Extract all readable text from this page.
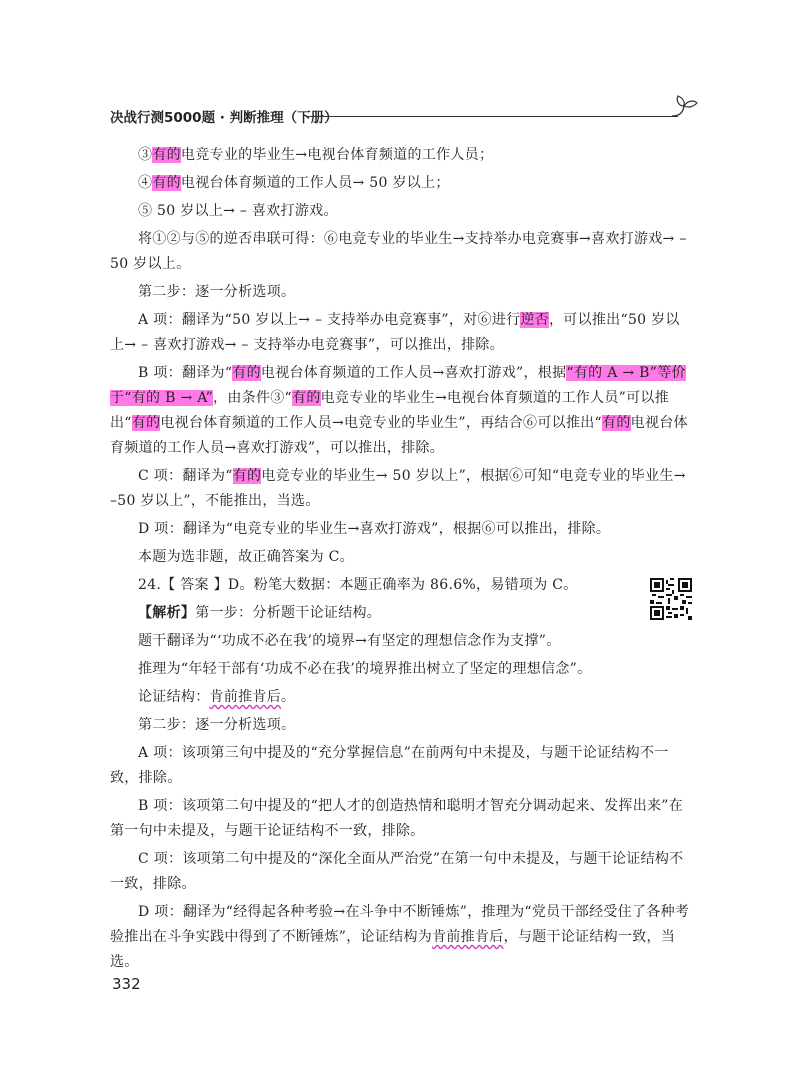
决战行测5000题 · 判断推理（下册）

③有的电竞专业的毕业生→电视台体育频道的工作人员；

④有的电视台体育频道的工作人员→ 50 岁以上；

⑤ 50 岁以上→ – 喜欢打游戏。

将①②与⑤的逆否串联可得：⑥电竞专业的毕业生→支持举办电竞赛事→喜欢打游戏→ –50 岁以上。

第二步：逐一分析选项。

A 项：翻译为“50 岁以上→ – 支持举办电竞赛事”，对⑥进行逆否，可以推出“50 岁以上→ – 喜欢打游戏→ – 支持举办电竞赛事”，可以推出，排除。

B 项：翻译为“有的电视台体育频道的工作人员→喜欢打游戏”，根据“有的 A → B”等价于“有的 B → A”，由条件③“有的电竞专业的毕业生→电视台体育频道的工作人员”可以推出“有的电视台体育频道的工作人员→电竞专业的毕业生”，再结合⑥可以推出“有的电视台体育频道的工作人员→喜欢打游戏”，可以推出，排除。

C 项：翻译为“有的电竞专业的毕业生→ 50 岁以上”，根据⑥可知“电竞专业的毕业生→ –50 岁以上”，不能推出，当选。

D 项：翻译为“电竞专业的毕业生→喜欢打游戏”，根据⑥可以推出，排除。

本题为选非题，故正确答案为 C。

24.【 答案 】D。粉笔大数据：本题正确率为 86.6%，易错项为 C。

【解析】第一步：分析题干论证结构。

题干翻译为“‘功成不必在我’的境界→有坚定的理想信念作为支撑”。

推理为“年轻干部有‘功成不必在我’的境界推出树立了坚定的理想信念”。

论证结构：肯前推肯后。

第二步：逐一分析选项。

A 项：该项第三句中提及的“充分掌握信息”在前两句中未提及，与题干论证结构不一致，排除。

B 项：该项第二句中提及的“把人才的创造热情和聪明才智充分调动起来、发挥出来”在第一句中未提及，与题干论证结构不一致，排除。

C 项：该项第二句中提及的“深化全面从严治党”在第一句中未提及，与题干论证结构不一致，排除。

D 项：翻译为“经得起各种考验→在斗争中不断锤炼”，推理为“党员干部经受住了各种考验推出在斗争实践中得到了不断锤炼”，论证结构为肯前推肯后，与题干论证结构一致，当选。

332
